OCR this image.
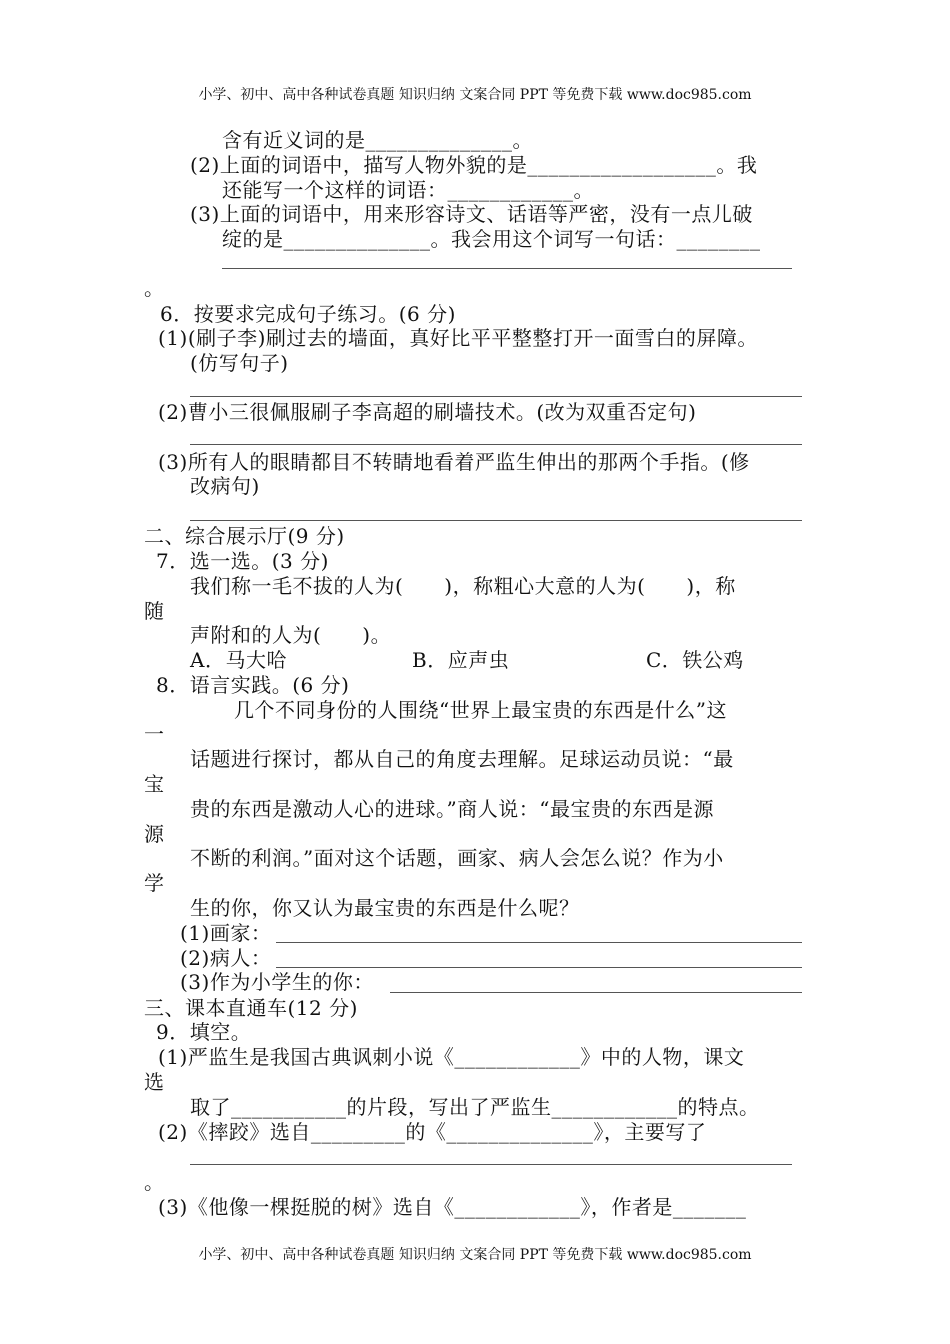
小学、初中、高中各种试卷真题 知识归纳 文案合同 PPT 等免费下载 www.doc985.com
含有近义词的是______________。
(2)上面的词语中，描写人物外貌的是__________________。我
还能写一个这样的词语：____________。
(3)上面的词语中，用来形容诗文、话语等严密，没有一点儿破
绽的是______________。我会用这个词写一句话：________
。
6．按要求完成句子练习。(6 分)
(1)(刷子李)刷过去的墙面，真好比平平整整打开一面雪白的屏障。
(仿写句子)
(2)曹小三很佩服刷子李高超的刷墙技术。(改为双重否定句)
(3)所有人的眼睛都目不转睛地看着严监生伸出的那两个手指。(修
改病句)
二、综合展示厅(9 分)
7．选一选。(3 分)
我们称一毛不拔的人为(　　)，称粗心大意的人为(　　)，称
随
声附和的人为(　　)。
A．马大哈	B．应声虫	C．铁公鸡
8．语言实践。(6 分)
几个不同身份的人围绕“世界上最宝贵的东西是什么”这
一
话题进行探讨，都从自己的角度去理解。足球运动员说：“最
宝
贵的东西是激动人心的进球。”商人说：“最宝贵的东西是源
源
不断的利润。”面对这个话题，画家、病人会怎么说？作为小
学
生的你，你又认为最宝贵的东西是什么呢？
(1)画家：
(2)病人：
(3)作为小学生的你：
三、课本直通车(12 分)
9．填空。
(1)严监生是我国古典讽刺小说《____________》中的人物，课文
选
取了___________的片段，写出了严监生____________的特点。
(2)《摔跤》选自_________的《______________》，主要写了
。
(3)《他像一棵挺脱的树》选自《____________》，作者是_______
小学、初中、高中各种试卷真题 知识归纳 文案合同 PPT 等免费下载 www.doc985.com
